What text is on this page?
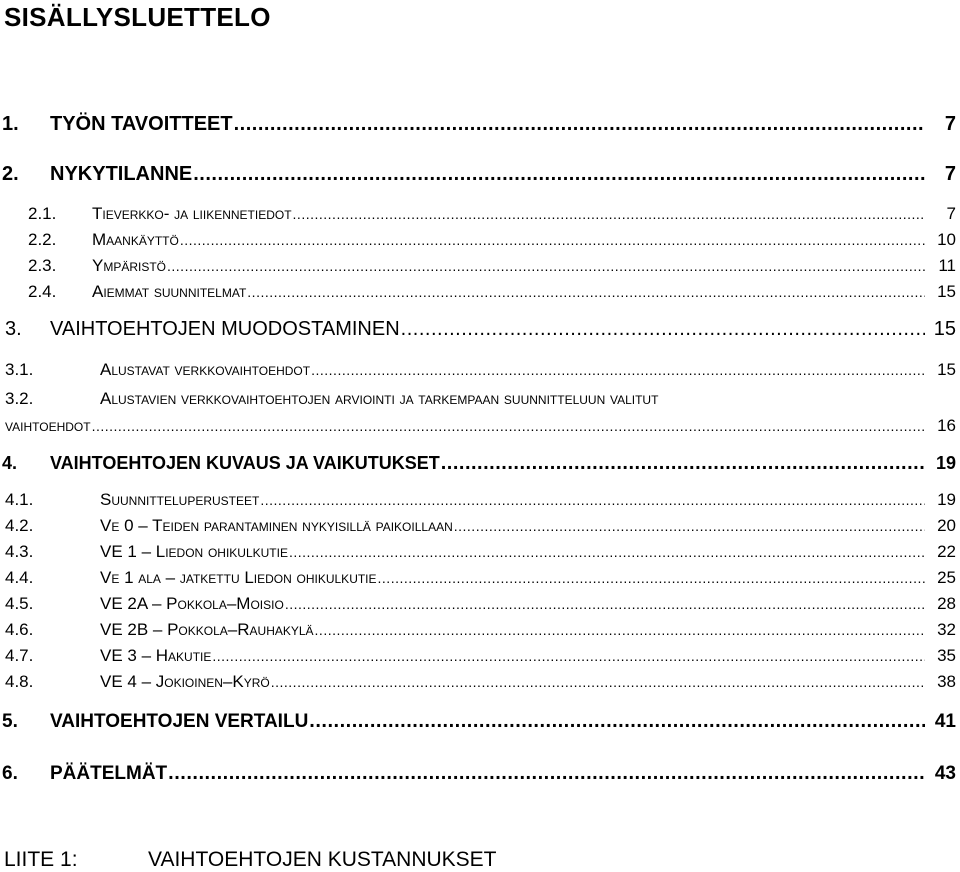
SISÄLLYSLUETTELO
1.	TYÖN TAVOITTEET .....	7
2.	NYKYTILANNE .....	7
2.1.	Tieverkko- ja liikennetiedot .....	7
2.2.	Maankäyttö .....	10
2.3.	Ympäristö .....	11
2.4.	Aiemmat suunnitelmat .....	15
3.	VAIHTOEHTOJEN MUODOSTAMINEN .....	15
3.1.	Alustavat verkkovaihtoehdot .....	15
3.2.	Alustavien verkkovaihtoehtojen arviointi ja tarkempaan suunnitteluun valitut
vaihtoehdot .....	16
4.	VAIHTOEHTOJEN KUVAUS JA VAIKUTUKSET .....	19
4.1.	Suunnitteluperusteet .....	19
4.2.	Ve 0 – Teiden parantaminen nykyisillä paikoillaan .....	20
4.3.	VE 1 – Liedon ohikulkutie .....	22
4.4.	Ve 1 ala – jatkettu Liedon ohikulkutie .....	25
4.5.	VE 2A – Pokkola–Moisio .....	28
4.6.	VE 2B – Pokkola–Rauhakylä .....	32
4.7.	VE 3 – Hakutie .....	35
4.8.	VE 4 – Jokioinen–Kyrö .....	38
5.	VAIHTOEHTOJEN VERTAILU .....	41
6.	PÄÄTELMÄT .....	43
LIITE 1:	VAIHTOEHTOJEN KUSTANNUKSET
